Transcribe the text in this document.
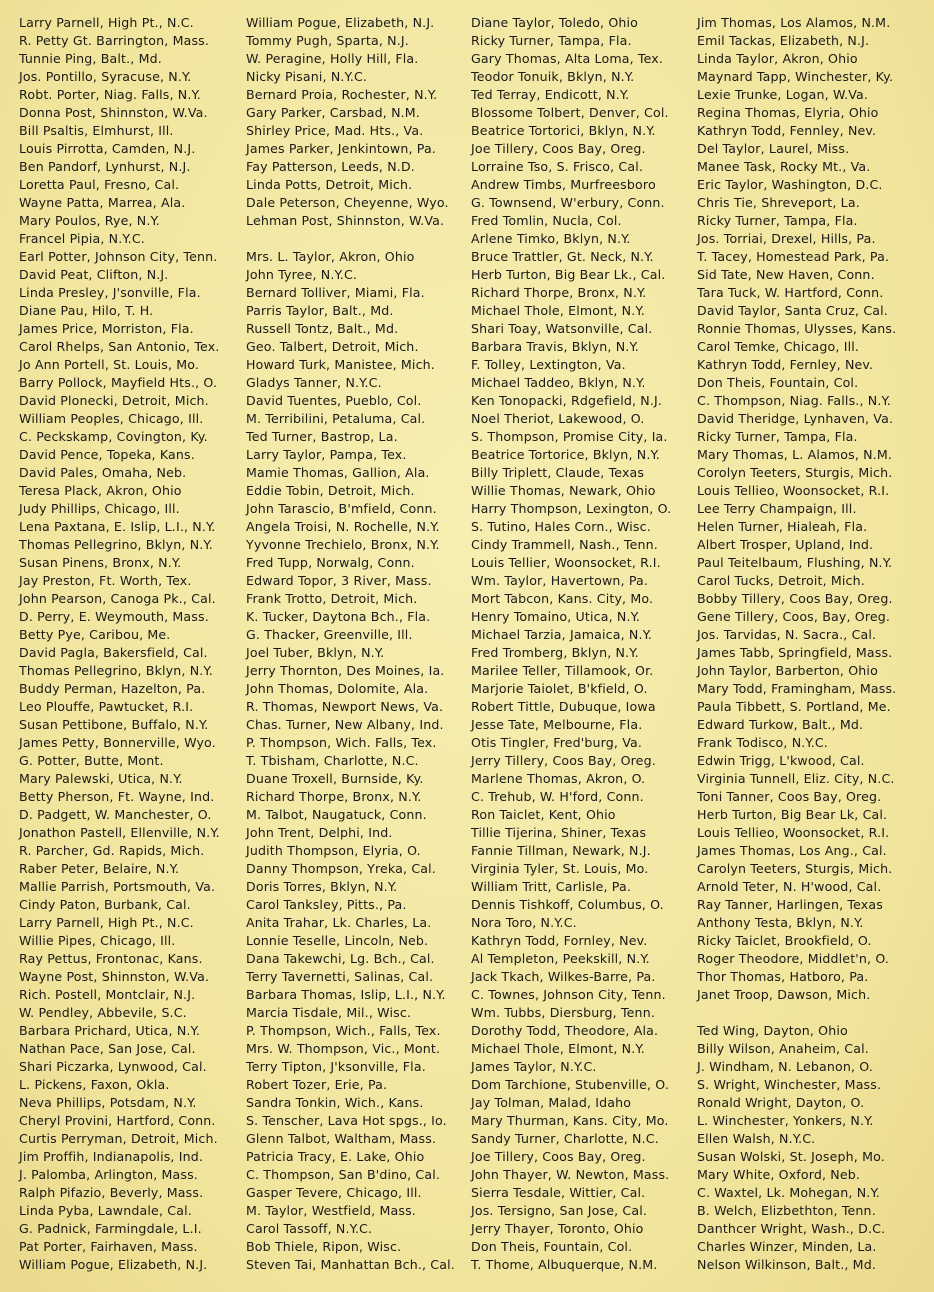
Larry Parnell, High Pt., N.C.
R. Petty Gt. Barrington, Mass.
Tunnie Ping, Balt., Md.
Jos. Pontillo, Syracuse, N.Y.
Robt. Porter, Niag. Falls, N.Y.
Donna Post, Shinnston, W.Va.
Bill Psaltis, Elmhurst, Ill.
Louis Pirrotta, Camden, N.J.
Ben Pandorf, Lynhurst, N.J.
Loretta Paul, Fresno, Cal.
Wayne Patta, Marrea, Ala.
Mary Poulos, Rye, N.Y.
Francel Pipia, N.Y.C.
Earl Potter, Johnson City, Tenn.
David Peat, Clifton, N.J.
Linda Presley, J'sonville, Fla.
Diane Pau, Hilo, T. H.
James Price, Morriston, Fla.
Carol Rhelps, San Antonio, Tex.
Jo Ann Portell, St. Louis, Mo.
Barry Pollock, Mayfield Hts., O.
David Plonecki, Detroit, Mich.
William Peoples, Chicago, Ill.
C. Peckskamp, Covington, Ky.
David Pence, Topeka, Kans.
David Pales, Omaha, Neb.
Teresa Plack, Akron, Ohio
Judy Phillips, Chicago, Ill.
Lena Paxtana, E. Islip, L.I., N.Y.
Thomas Pellegrino, Bklyn, N.Y.
Susan Pinens, Bronx, N.Y.
Jay Preston, Ft. Worth, Tex.
John Pearson, Canoga Pk., Cal.
D. Perry, E. Weymouth, Mass.
Betty Pye, Caribou, Me.
David Pagla, Bakersfield, Cal.
Thomas Pellegrino, Bklyn, N.Y.
Buddy Perman, Hazelton, Pa.
Leo Plouffe, Pawtucket, R.I.
Susan Pettibone, Buffalo, N.Y.
James Petty, Bonnerville, Wyo.
G. Potter, Butte, Mont.
Mary Palewski, Utica, N.Y.
Betty Pherson, Ft. Wayne, Ind.
D. Padgett, W. Manchester, O.
Jonathon Pastell, Ellenville, N.Y.
R. Parcher, Gd. Rapids, Mich.
Raber Peter, Belaire, N.Y.
Mallie Parrish, Portsmouth, Va.
Cindy Paton, Burbank, Cal.
Larry Parnell, High Pt., N.C.
Willie Pipes, Chicago, Ill.
Ray Pettus, Frontonac, Kans.
Wayne Post, Shinnston, W.Va.
Rich. Postell, Montclair, N.J.
W. Pendley, Abbevile, S.C.
Barbara Prichard, Utica, N.Y.
Nathan Pace, San Jose, Cal.
Shari Piczarka, Lynwood, Cal.
L. Pickens, Faxon, Okla.
Neva Phillips, Potsdam, N.Y.
Cheryl Provini, Hartford, Conn.
Curtis Perryman, Detroit, Mich.
Jim Proffih, Indianapolis, Ind.
J. Palomba, Arlington, Mass.
Ralph Pifazio, Beverly, Mass.
Linda Pyba, Lawndale, Cal.
G. Padnick, Farmingdale, L.I.
Pat Porter, Fairhaven, Mass.
William Pogue, Elizabeth, N.J.
William Pogue, Elizabeth, N.J.
Tommy Pugh, Sparta, N.J.
W. Peragine, Holly Hill, Fla.
Nicky Pisani, N.Y.C.
Bernard Proia, Rochester, N.Y.
Gary Parker, Carsbad, N.M.
Shirley Price, Mad. Hts., Va.
James Parker, Jenkintown, Pa.
Fay Patterson, Leeds, N.D.
Linda Potts, Detroit, Mich.
Dale Peterson, Cheyenne, Wyo.
Lehman Post, Shinnston, W.Va.
Mrs. L. Taylor, Akron, Ohio
John Tyree, N.Y.C.
Bernard Tolliver, Miami, Fla.
Parris Taylor, Balt., Md.
Russell Tontz, Balt., Md.
Geo. Talbert, Detroit, Mich.
Howard Turk, Manistee, Mich.
Gladys Tanner, N.Y.C.
David Tuentes, Pueblo, Col.
M. Terribilini, Petaluma, Cal.
Ted Turner, Bastrop, La.
Larry Taylor, Pampa, Tex.
Mamie Thomas, Gallion, Ala.
Eddie Tobin, Detroit, Mich.
John Tarascio, B'mfield, Conn.
Angela Troisi, N. Rochelle, N.Y.
Yyvonne Trechielo, Bronx, N.Y.
Fred Tupp, Norwalg, Conn.
Edward Topor, 3 River, Mass.
Frank Trotto, Detroit, Mich.
K. Tucker, Daytona Bch., Fla.
G. Thacker, Greenville, Ill.
Joel Tuber, Bklyn, N.Y.
Jerry Thornton, Des Moines, Ia.
John Thomas, Dolomite, Ala.
R. Thomas, Newport News, Va.
Chas. Turner, New Albany, Ind.
P. Thompson, Wich. Falls, Tex.
T. Tbisham, Charlotte, N.C.
Duane Troxell, Burnside, Ky.
Richard Thorpe, Bronx, N.Y.
M. Talbot, Naugatuck, Conn.
John Trent, Delphi, Ind.
Judith Thompson, Elyria, O.
Danny Thompson, Yreka, Cal.
Doris Torres, Bklyn, N.Y.
Carol Tanksley, Pitts., Pa.
Anita Trahar, Lk. Charles, La.
Lonnie Teselle, Lincoln, Neb.
Dana Takewchi, Lg. Bch., Cal.
Terry Tavernetti, Salinas, Cal.
Barbara Thomas, Islip, L.I., N.Y.
Marcia Tisdale, Mil., Wisc.
P. Thompson, Wich., Falls, Tex.
Mrs. W. Thompson, Vic., Mont.
Terry Tipton, J'ksonville, Fla.
Robert Tozer, Erie, Pa.
Sandra Tonkin, Wich., Kans.
S. Tenscher, Lava Hot spgs., Io.
Glenn Talbot, Waltham, Mass.
Patricia Tracy, E. Lake, Ohio
C. Thompson, San B'dino, Cal.
Gasper Tevere, Chicago, Ill.
M. Taylor, Westfield, Mass.
Carol Tassoff, N.Y.C.
Bob Thiele, Ripon, Wisc.
Steven Tai, Manhattan Bch., Cal.
Diane Taylor, Toledo, Ohio
Ricky Turner, Tampa, Fla.
Gary Thomas, Alta Loma, Tex.
Teodor Tonuik, Bklyn, N.Y.
Ted Terray, Endicott, N.Y.
Blossome Tolbert, Denver, Col.
Beatrice Tortorici, Bklyn, N.Y.
Joe Tillery, Coos Bay, Oreg.
Lorraine Tso, S. Frisco, Cal.
Andrew Timbs, Murfreesboro
G. Townsend, W'erbury, Conn.
Fred Tomlin, Nucla, Col.
Arlene Timko, Bklyn, N.Y.
Bruce Trattler, Gt. Neck, N.Y.
Herb Turton, Big Bear Lk., Cal.
Richard Thorpe, Bronx, N.Y.
Michael Thole, Elmont, N.Y.
Shari Toay, Watsonville, Cal.
Barbara Travis, Bklyn, N.Y.
F. Tolley, Lextington, Va.
Michael Taddeo, Bklyn, N.Y.
Ken Tonopacki, Rdgefield, N.J.
Noel Theriot, Lakewood, O.
S. Thompson, Promise City, Ia.
Beatrice Tortorice, Bklyn, N.Y.
Billy Triplett, Claude, Texas
Willie Thomas, Newark, Ohio
Harry Thompson, Lexington, O.
S. Tutino, Hales Corn., Wisc.
Cindy Trammell, Nash., Tenn.
Louis Tellier, Woonsocket, R.I.
Wm. Taylor, Havertown, Pa.
Mort Tabcon, Kans. City, Mo.
Henry Tomaino, Utica, N.Y.
Michael Tarzia, Jamaica, N.Y.
Fred Tromberg, Bklyn, N.Y.
Marilee Teller, Tillamook, Or.
Marjorie Taiolet, B'kfield, O.
Robert Tittle, Dubuque, Iowa
Jesse Tate, Melbourne, Fla.
Otis Tingler, Fred'burg, Va.
Jerry Tillery, Coos Bay, Oreg.
Marlene Thomas, Akron, O.
C. Trehub, W. H'ford, Conn.
Ron Taiclet, Kent, Ohio
Tillie Tijerina, Shiner, Texas
Fannie Tillman, Newark, N.J.
Virginia Tyler, St. Louis, Mo.
William Tritt, Carlisle, Pa.
Dennis Tishkoff, Columbus, O.
Nora Toro, N.Y.C.
Kathryn Todd, Fornley, Nev.
Al Templeton, Peekskill, N.Y.
Jack Tkach, Wilkes-Barre, Pa.
C. Townes, Johnson City, Tenn.
Wm. Tubbs, Diersburg, Tenn.
Dorothy Todd, Theodore, Ala.
Michael Thole, Elmont, N.Y.
James Taylor, N.Y.C.
Dom Tarchione, Stubenville, O.
Jay Tolman, Malad, Idaho
Mary Thurman, Kans. City, Mo.
Sandy Turner, Charlotte, N.C.
Joe Tillery, Coos Bay, Oreg.
John Thayer, W. Newton, Mass.
Sierra Tesdale, Wittier, Cal.
Jos. Tersigno, San Jose, Cal.
Jerry Thayer, Toronto, Ohio
Don Theis, Fountain, Col.
T. Thome, Albuquerque, N.M.
Jim Thomas, Los Alamos, N.M.
Emil Tackas, Elizabeth, N.J.
Linda Taylor, Akron, Ohio
Maynard Tapp, Winchester, Ky.
Lexie Trunke, Logan, W.Va.
Regina Thomas, Elyria, Ohio
Kathryn Todd, Fennley, Nev.
Del Taylor, Laurel, Miss.
Manee Task, Rocky Mt., Va.
Eric Taylor, Washington, D.C.
Chris Tie, Shreveport, La.
Ricky Turner, Tampa, Fla.
Jos. Torriai, Drexel, Hills, Pa.
T. Tacey, Homestead Park, Pa.
Sid Tate, New Haven, Conn.
Tara Tuck, W. Hartford, Conn.
David Taylor, Santa Cruz, Cal.
Ronnie Thomas, Ulysses, Kans.
Carol Temke, Chicago, Ill.
Kathryn Todd, Fernley, Nev.
Don Theis, Fountain, Col.
C. Thompson, Niag. Falls., N.Y.
David Theridge, Lynhaven, Va.
Ricky Turner, Tampa, Fla.
Mary Thomas, L. Alamos, N.M.
Corolyn Teeters, Sturgis, Mich.
Louis Tellieo, Woonsocket, R.I.
Lee Terry Champaign, Ill.
Helen Turner, Hialeah, Fla.
Albert Trosper, Upland, Ind.
Paul Teitelbaum, Flushing, N.Y.
Carol Tucks, Detroit, Mich.
Bobby Tillery, Coos Bay, Oreg.
Gene Tillery, Coos, Bay, Oreg.
Jos. Tarvidas, N. Sacra., Cal.
James Tabb, Springfield, Mass.
John Taylor, Barberton, Ohio
Mary Todd, Framingham, Mass.
Paula Tibbett, S. Portland, Me.
Edward Turkow, Balt., Md.
Frank Todisco, N.Y.C.
Edwin Trigg, L'kwood, Cal.
Virginia Tunnell, Eliz. City, N.C.
Toni Tanner, Coos Bay, Oreg.
Herb Turton, Big Bear Lk, Cal.
Louis Tellieo, Woonsocket, R.I.
James Thomas, Los Ang., Cal.
Carolyn Teeters, Sturgis, Mich.
Arnold Teter, N. H'wood, Cal.
Ray Tanner, Harlingen, Texas
Anthony Testa, Bklyn, N.Y.
Ricky Taiclet, Brookfield, O.
Roger Theodore, Middlet'n, O.
Thor Thomas, Hatboro, Pa.
Janet Troop, Dawson, Mich.
Ted Wing, Dayton, Ohio
Billy Wilson, Anaheim, Cal.
J. Windham, N. Lebanon, O.
S. Wright, Winchester, Mass.
Ronald Wright, Dayton, O.
L. Winchester, Yonkers, N.Y.
Ellen Walsh, N.Y.C.
Susan Wolski, St. Joseph, Mo.
Mary White, Oxford, Neb.
C. Waxtel, Lk. Mohegan, N.Y.
B. Welch, Elizbethton, Tenn.
Danthcer Wright, Wash., D.C.
Charles Winzer, Minden, La.
Nelson Wilkinson, Balt., Md.
